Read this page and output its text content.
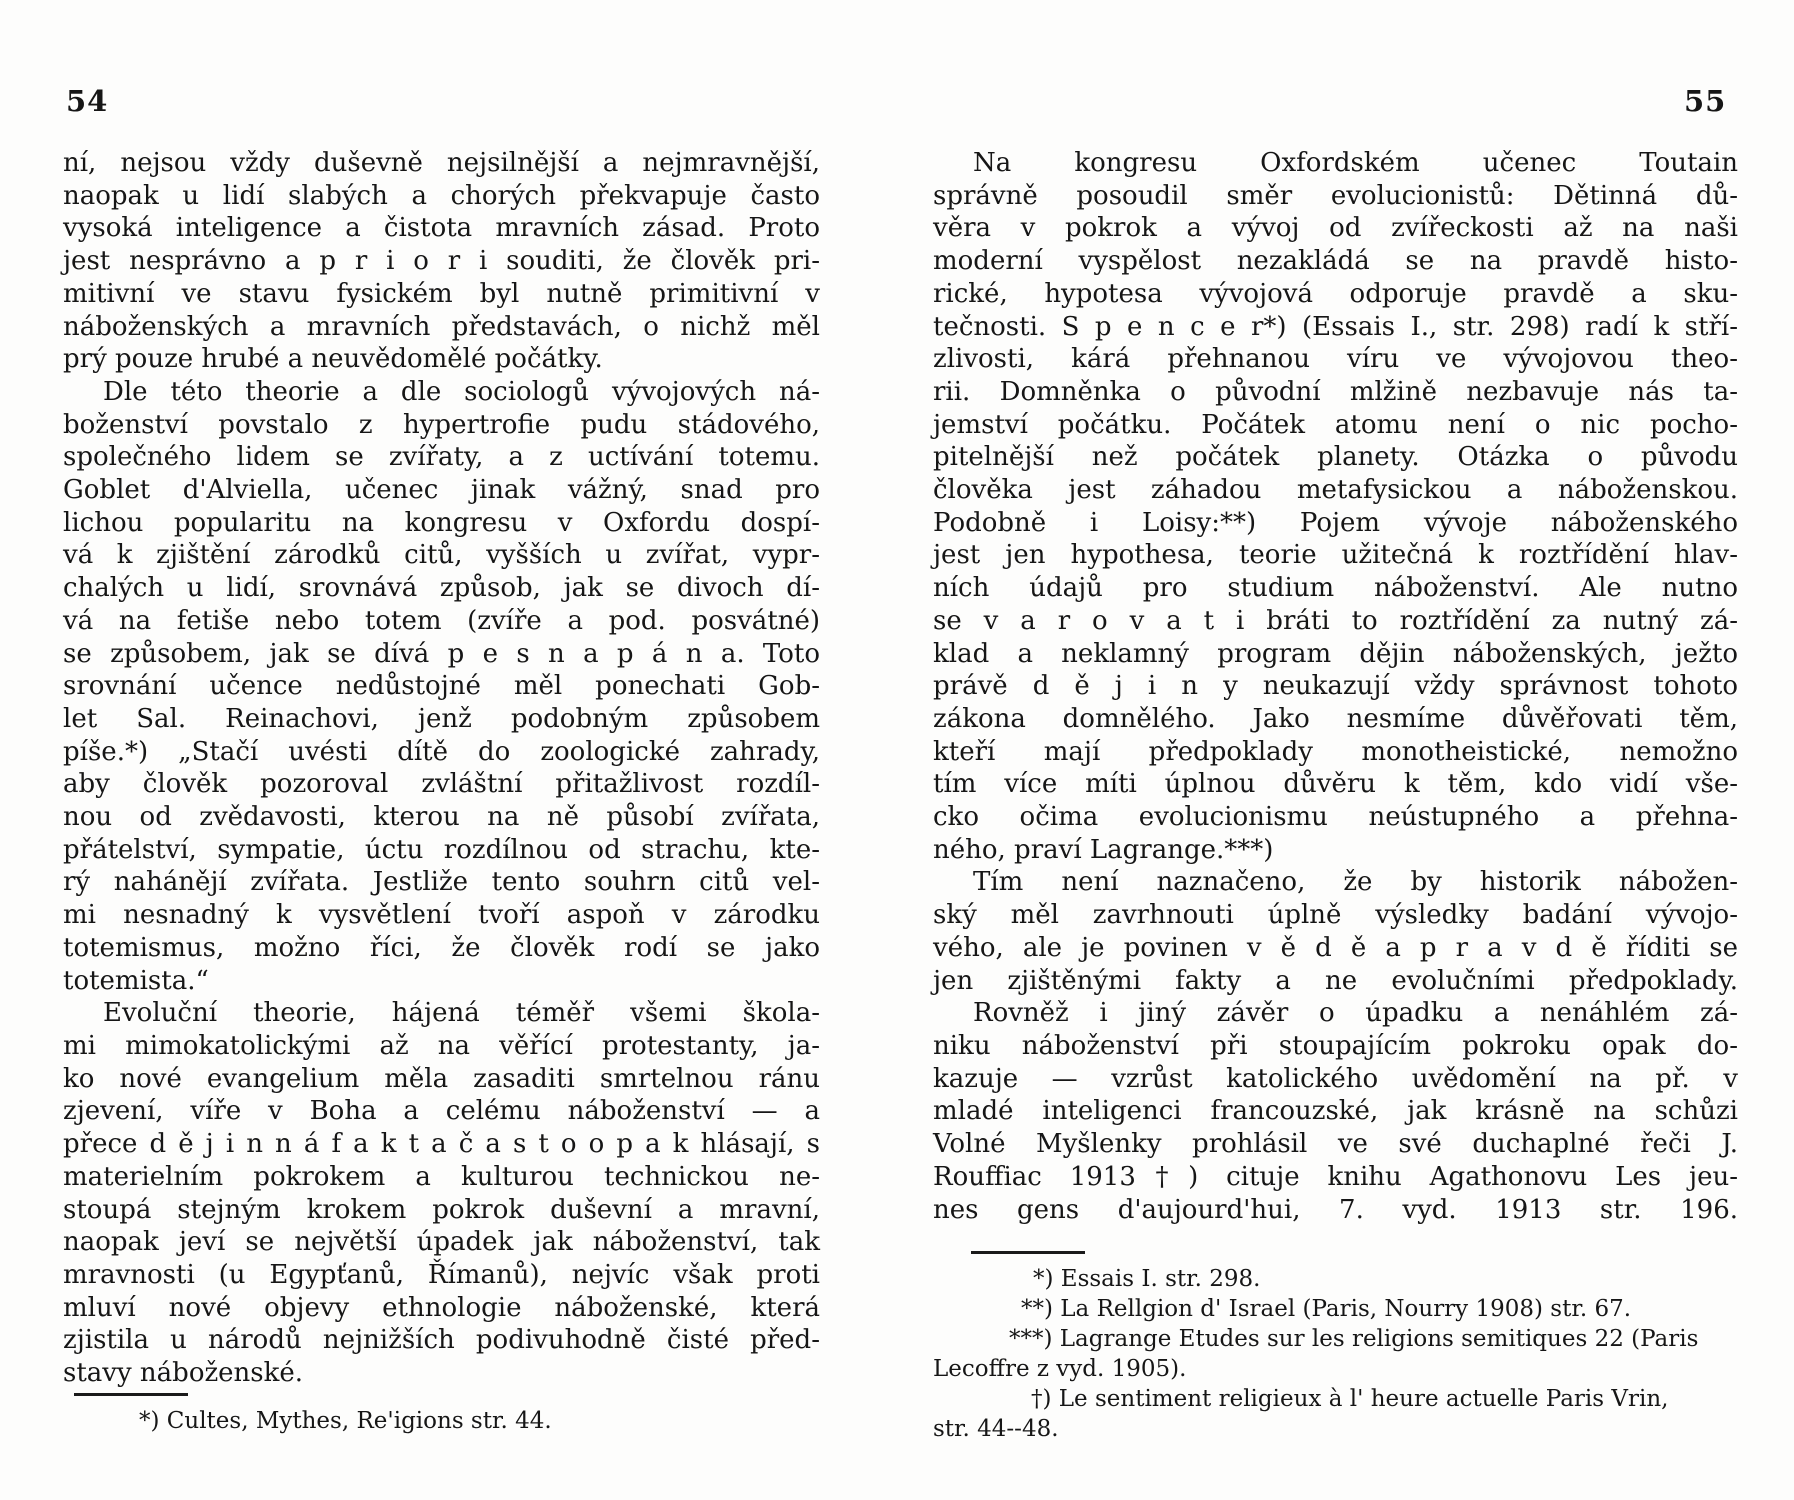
54
ní, nejsou vždy duševně nejsilnější a nejmravnější,
naopak u lidí slabých a chorých překvapuje často
vysoká inteligence a čistota mravních zásad. Proto
jest nesprávno a p r i o r i souditi, že člověk pri-
mitivní ve stavu fysickém byl nutně primitivní v
náboženských a mravních představách, o nichž měl
prý pouze hrubé a neuvědomělé počátky.
Dle této theorie a dle sociologů vývojových ná-
boženství povstalo z hypertrofie pudu stádového,
společného lidem se zvířaty, a z uctívání totemu.
Goblet d'Alviella, učenec jinak vážný, snad pro
lichou popularitu na kongresu v Oxfordu dospí-
vá k zjištění zárodků citů, vyšších u zvířat, vypr-
chalých u lidí, srovnává způsob, jak se divoch dí-
vá na fetiše nebo totem (zvíře a pod. posvátné)
se způsobem, jak se dívá p e s n a p á n a. Toto
srovnání učence nedůstojné měl ponechati Gob-
let Sal. Reinachovi, jenž podobným způsobem
píše.*) „Stačí uvésti dítě do zoologické zahrady,
aby člověk pozoroval zvláštní přitažlivost rozdíl-
nou od zvědavosti, kterou na ně působí zvířata,
přátelství, sympatie, úctu rozdílnou od strachu, kte-
rý nahánějí zvířata. Jestliže tento souhrn citů vel-
mi nesnadný k vysvětlení tvoří aspoň v zárodku
totemismus, možno říci, že člověk rodí se jako
totemista.“
Evoluční theorie, hájená téměř všemi škola-
mi mimokatolickými až na věřící protestanty, ja-
ko nové evangelium měla zasaditi smrtelnou ránu
zjevení, víře v Boha a celému náboženství — a
přece d ě j i n n á f a k t a č a s t o o p a k hlásají, s
materielním pokrokem a kulturou technickou ne-
stoupá stejným krokem pokrok duševní a mravní,
naopak jeví se největší úpadek jak náboženství, tak
mravnosti (u Egypťanů, Římanů), nejvíc však proti
mluví nové objevy ethnologie náboženské, která
zjistila u národů nejnižších podivuhodně čisté před-
stavy náboženské.
*) Cultes, Mythes, Re'igions str. 44.
55
Na kongresu Oxfordském učenec Toutain
správně posoudil směr evolucionistů: Dětinná dů-
věra v pokrok a vývoj od zvířeckosti až na naši
moderní vyspělost nezakládá se na pravdě histo-
rické, hypotesa vývojová odporuje pravdě a sku-
tečnosti. S p e n c e r*) (Essais I., str. 298) radí k stří-
zlivosti, kárá přehnanou víru ve vývojovou theo-
rii. Domněnka o původní mlžině nezbavuje nás ta-
jemství počátku. Počátek atomu není o nic pocho-
pitelnější než počátek planety. Otázka o původu
člověka jest záhadou metafysickou a náboženskou.
Podobně i Loisy:**) Pojem vývoje náboženského
jest jen hypothesa, teorie užitečná k roztřídění hlav-
ních údajů pro studium náboženství. Ale nutno
se v a r o v a t i bráti to roztřídění za nutný zá-
klad a neklamný program dějin náboženských, ježto
právě d ě j i n y neukazují vždy správnost tohoto
zákona domnělého. Jako nesmíme důvěřovati těm,
kteří mají předpoklady monotheistické, nemožno
tím více míti úplnou důvěru k těm, kdo vidí vše-
cko očima evolucionismu neústupného a přehna-
ného, praví Lagrange.***)
Tím není naznačeno, že by historik nábožen-
ský měl zavrhnouti úplně výsledky badání vývojo-
vého, ale je povinen v ě d ě a p r a v d ě říditi se
jen zjištěnými fakty a ne evolučními předpoklady.
Rovněž i jiný závěr o úpadku a nenáhlém zá-
niku náboženství při stoupajícím pokroku opak do-
kazuje — vzrůst katolického uvědomění na př. v
mladé inteligenci francouzské, jak krásně na schůzi
Volné Myšlenky prohlásil ve své duchaplné řeči J.
Rouffiac 1913†) cituje knihu Agathonovu Les jeu-
nes gens d'aujourd'hui, 7. vyd. 1913 str. 196.
*) Essais I. str. 298.
**) La Rellgion d' Israel (Paris, Nourry 1908) str. 67.
***) Lagrange Etudes sur les religions semitiques 22 (Paris
Lecoffre z vyd. 1905).
†) Le sentiment religieux à l' heure actuelle Paris Vrin,
str. 44--48.
